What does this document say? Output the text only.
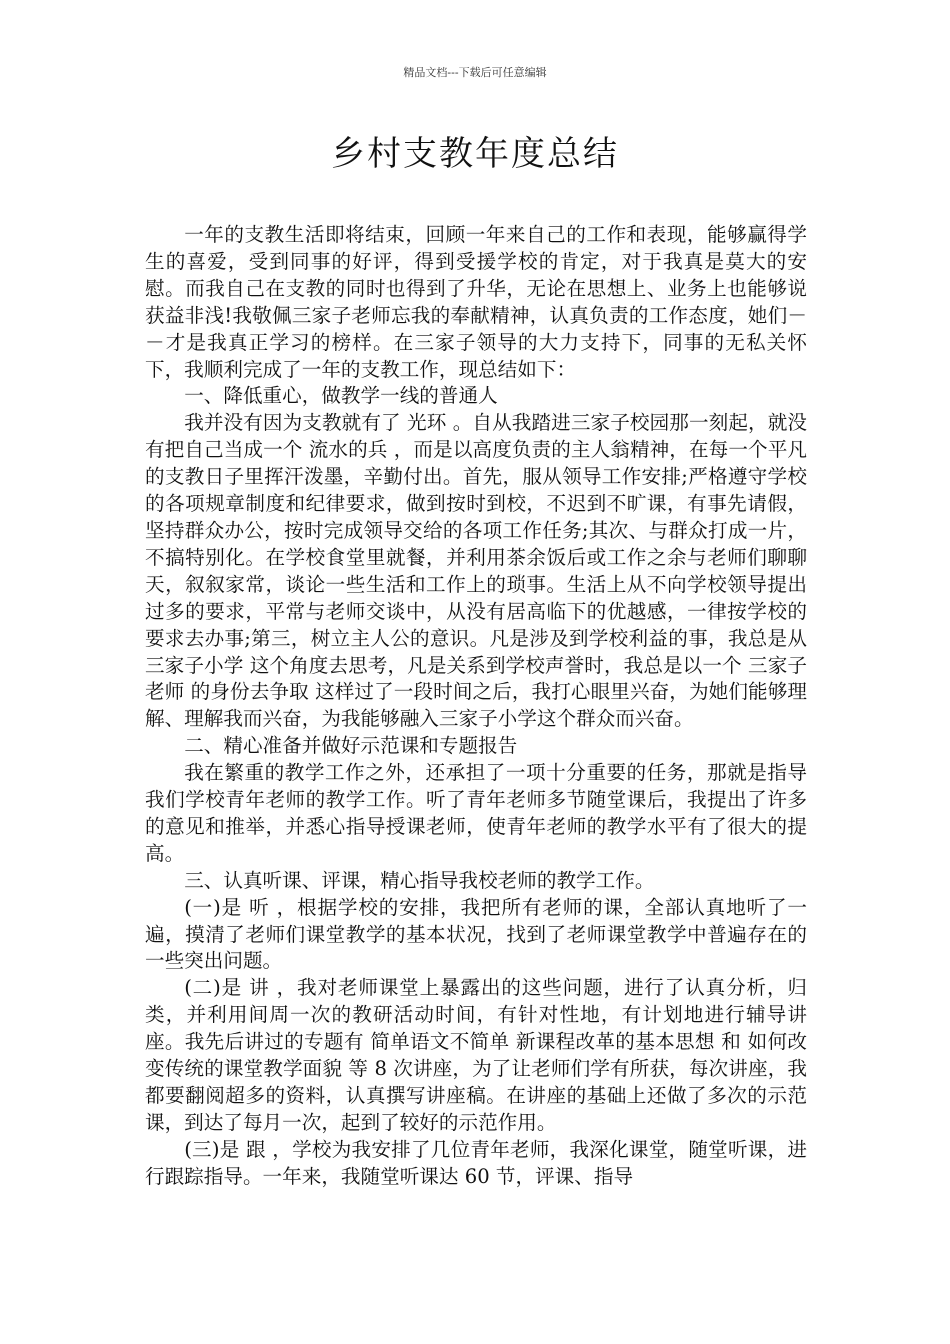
精品文档---下载后可任意编辑
乡村支教年度总结

一年的支教生活即将结束，回顾一年来自己的工作和表现，能够赢得学生的喜爱，受到同事的好评，得到受援学校的肯定，对于我真是莫大的安慰。而我自己在支教的同时也得到了升华，无论在思想上、业务上也能够说获益非浅!我敬佩三家子老师忘我的奉献精神，认真负责的工作态度，她们－－才是我真正学习的榜样。在三家子领导的大力支持下，同事的无私关怀下，我顺利完成了一年的支教工作，现总结如下：

一、降低重心，做教学一线的普通人

我并没有因为支教就有了 光环 。自从我踏进三家子校园那一刻起，就没有把自己当成一个 流水的兵 ，而是以高度负责的主人翁精神，在每一个平凡的支教日子里挥汗泼墨，辛勤付出。首先，服从领导工作安排;严格遵守学校的各项规章制度和纪律要求，做到按时到校，不迟到不旷课，有事先请假，坚持群众办公，按时完成领导交给的各项工作任务;其次、与群众打成一片，不搞特别化。在学校食堂里就餐，并利用茶余饭后或工作之余与老师们聊聊天，叙叙家常，谈论一些生活和工作上的琐事。生活上从不向学校领导提出过多的要求，平常与老师交谈中，从没有居高临下的优越感，一律按学校的要求去办事;第三，树立主人公的意识。凡是涉及到学校利益的事，我总是从 三家子小学 这个角度去思考，凡是关系到学校声誉时，我总是以一个 三家子老师 的身份去争取 这样过了一段时间之后，我打心眼里兴奋，为她们能够理解、理解我而兴奋，为我能够融入三家子小学这个群众而兴奋。

二、精心准备并做好示范课和专题报告

我在繁重的教学工作之外，还承担了一项十分重要的任务，那就是指导我们学校青年老师的教学工作。听了青年老师多节随堂课后，我提出了许多的意见和推举，并悉心指导授课老师，使青年老师的教学水平有了很大的提高。

三、认真听课、评课，精心指导我校老师的教学工作。

(一)是 听 ，根据学校的安排，我把所有老师的课，全部认真地听了一遍，摸清了老师们课堂教学的基本状况，找到了老师课堂教学中普遍存在的一些突出问题。

(二)是 讲 ，我对老师课堂上暴露出的这些问题，进行了认真分析，归类，并利用间周一次的教研活动时间，有针对性地，有计划地进行辅导讲座。我先后讲过的专题有 简单语文不简单 新课程改革的基本思想 和 如何改变传统的课堂教学面貌 等 8 次讲座，为了让老师们学有所获，每次讲座，我都要翻阅超多的资料，认真撰写讲座稿。在讲座的基础上还做了多次的示范课，到达了每月一次，起到了较好的示范作用。

(三)是 跟 ，学校为我安排了几位青年老师，我深化课堂，随堂听课，进行跟踪指导。一年来，我随堂听课达 60 节，评课、指导
